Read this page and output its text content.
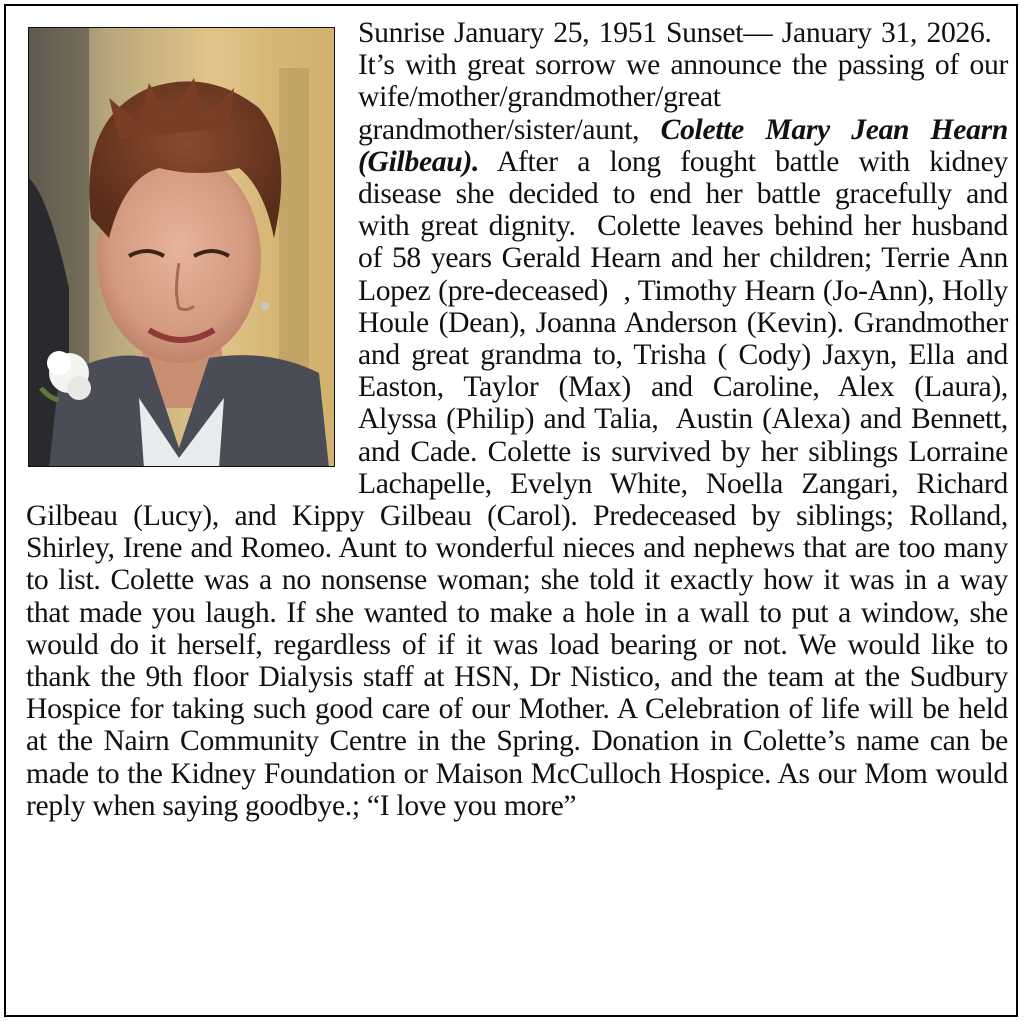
Sunrise January 25, 1951 Sunset— January 31, 2026.   It’s with great sorrow we announce the passing of our wife/mother/grandmother/great grandmother/sister/aunt, Colette Mary Jean Hearn (Gilbeau). After a long fought battle with kidney disease she decided to end her battle gracefully and with great dignity.  Colette leaves behind her husband of 58 years Gerald Hearn and her children; Terrie Ann Lopez (pre-deceased)  , Timothy Hearn (Jo-Ann), Holly Houle (Dean), Joanna Anderson (Kevin). Grandmother and great grandma to, Trisha ( Cody) Jaxyn, Ella and Easton, Taylor (Max) and Caroline, Alex (Laura), Alyssa (Philip) and Talia,  Austin (Alexa) and Bennett, and Cade. Colette is survived by her siblings Lorraine Lachapelle, Evelyn White, Noella Zangari, Richard Gilbeau (Lucy), and Kippy Gilbeau (Carol). Predeceased by siblings; Rolland, Shirley, Irene and Romeo. Aunt to wonderful nieces and nephews that are too many to list. Colette was a no nonsense woman; she told it exactly how it was in a way that made you laugh. If she wanted to make a hole in a wall to put a window, she would do it herself, regardless of if it was load bearing or not. We would like to thank the 9th floor Dialysis staff at HSN, Dr Nistico, and the team at the Sudbury Hospice for taking such good care of our Mother. A Celebration of life will be held at the Nairn Community Centre in the Spring. Donation in Colette’s name can be made to the Kidney Foundation or Maison McCulloch Hospice. As our Mom would reply when saying goodbye.; “I love you more”
